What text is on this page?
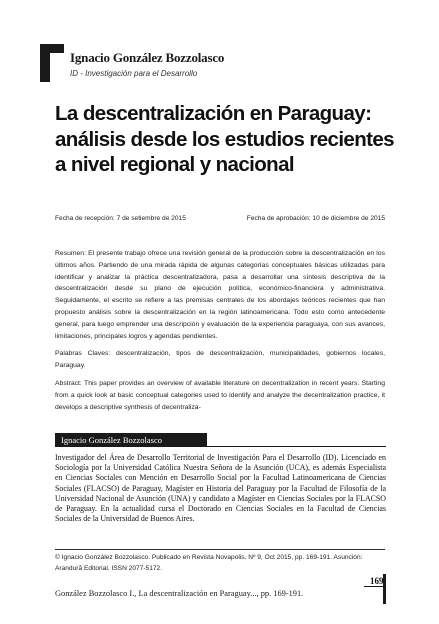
Ignacio González Bozzolasco
ID - Investigación para el Desarrollo
La descentralización en Paraguay: análisis desde los estudios recientes a nivel regional y nacional
Fecha de recepción: 7 de setiembre de 2015	Fecha de aprobación: 10 de diciembre de 2015

Resumen: El presente trabajo ofrece una revisión general de la producción sobre la descentralización en los últimos años. Partiendo de una mirada rápida de algunas categorías conceptuales básicas utilizadas para identificar y analizar la práctica descentralizadora, pasa a desarrollar una síntesis descriptiva de la descentralización desde su plano de ejecución política, económico-financiera y administrativa. Seguidamente, el escrito se refiere a las premisas centrales de los abordajes teóricos recientes que han propuesto análisis sobre la descentralización en la región latinoamericana. Todo esto como antecedente general, para luego emprender una descripción y evaluación de la experiencia paraguaya, con sus avances, limitaciones, principales logros y agendas pendientes.

Palabras Claves: descentralización, tipos de descentralización, municipalidades, gobiernos locales, Paraguay.

Abstract: This paper provides an overview of available literature on decentralization in recent years. Starting from a quick look at basic conceptual categories used to identify and analyze the decentralization practice, it develops a descriptive synthesis of decentraliza-

Ignacio González Bozzolasco

Investigador del Área de Desarrollo Territorial de Investigación Para el Desarrollo (ID). Licenciado en Sociología por la Universidad Católica Nuestra Señora de la Asunción (UCA), es además Especialista en Ciencias Sociales con Mención en Desarrollo Social por la Facultad Latinoamericana de Ciencias Sociales (FLACSO) de Paraguay, Magíster en Historia del Paraguay por la Facultad de Filosofía de la Universidad Nacional de Asunción (UNA) y candidato a Magíster en Ciencias Sociales por la FLACSO de Paraguay. En la actualidad cursa el Doctorado en Ciencias Sociales en la Facultad de Ciencias Sociales de la Universidad de Buenos Aires.

© Ignacio González Bozzolasco. Publicado en Revista Novapolis. Nº 9, Oct 2015, pp. 169-191. Asunción: Arandurã Editorial. ISSN 2077-5172.

169
González Bozzolasco I., La descentralización en Paraguay..., pp. 169-191.
